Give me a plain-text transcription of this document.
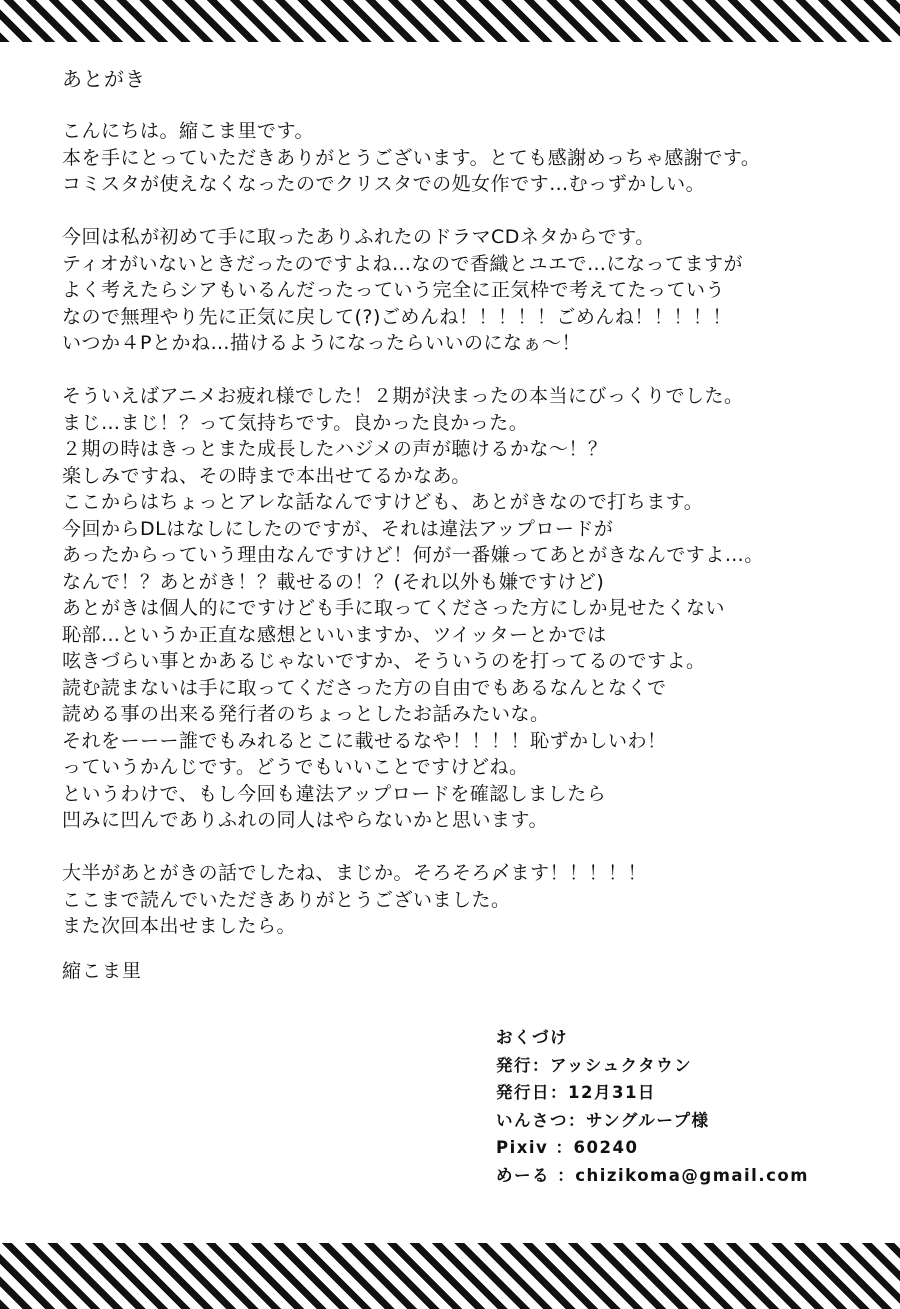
あとがき
こんにちは。縮こま里です。
本を手にとっていただきありがとうございます。とても感謝めっちゃ感謝です。
コミスタが使えなくなったのでクリスタでの処女作です…むっずかしい。
今回は私が初めて手に取ったありふれたのドラマCDネタからです。
ティオがいないときだったのですよね…なので香織とユエで…になってますが
よく考えたらシアもいるんだったっていう完全に正気枠で考えてたっていう
なので無理やり先に正気に戻して(?)ごめんね！！！！！ごめんね！！！！！
いつか４Pとかね…描けるようになったらいいのになぁ～！
そういえばアニメお疲れ様でした！２期が決まったの本当にびっくりでした。
まじ…まじ！？って気持ちです。良かった良かった。
２期の時はきっとまた成長したハジメの声が聴けるかな～！？
楽しみですね、その時まで本出せてるかなあ。
ここからはちょっとアレな話なんですけども、あとがきなので打ちます。
今回からDLはなしにしたのですが、それは違法アップロードが
あったからっていう理由なんですけど！何が一番嫌ってあとがきなんですよ…。
なんで！？あとがき！？載せるの！？(それ以外も嫌ですけど)
あとがきは個人的にですけども手に取ってくださった方にしか見せたくない
恥部…というか正直な感想といいますか、ツイッターとかでは
呟きづらい事とかあるじゃないですか、そういうのを打ってるのですよ。
読む読まないは手に取ってくださった方の自由でもあるなんとなくで
読める事の出来る発行者のちょっとしたお話みたいな。
それをーーー誰でもみれるとこに載せるなや！！！！恥ずかしいわ！
っていうかんじです。どうでもいいことですけどね。
というわけで、もし今回も違法アップロードを確認しましたら
凹みに凹んでありふれの同人はやらないかと思います。
大半があとがきの話でしたね、まじか。そろそろ〆ます！！！！！
ここまで読んでいただきありがとうございました。
また次回本出せましたら。
縮こま里
おくづけ
発行：アッシュクタウン
発行日：12月31日
いんさつ：サングループ様
Pixiv ：60240
めーる ：chizikoma@gmail.com
